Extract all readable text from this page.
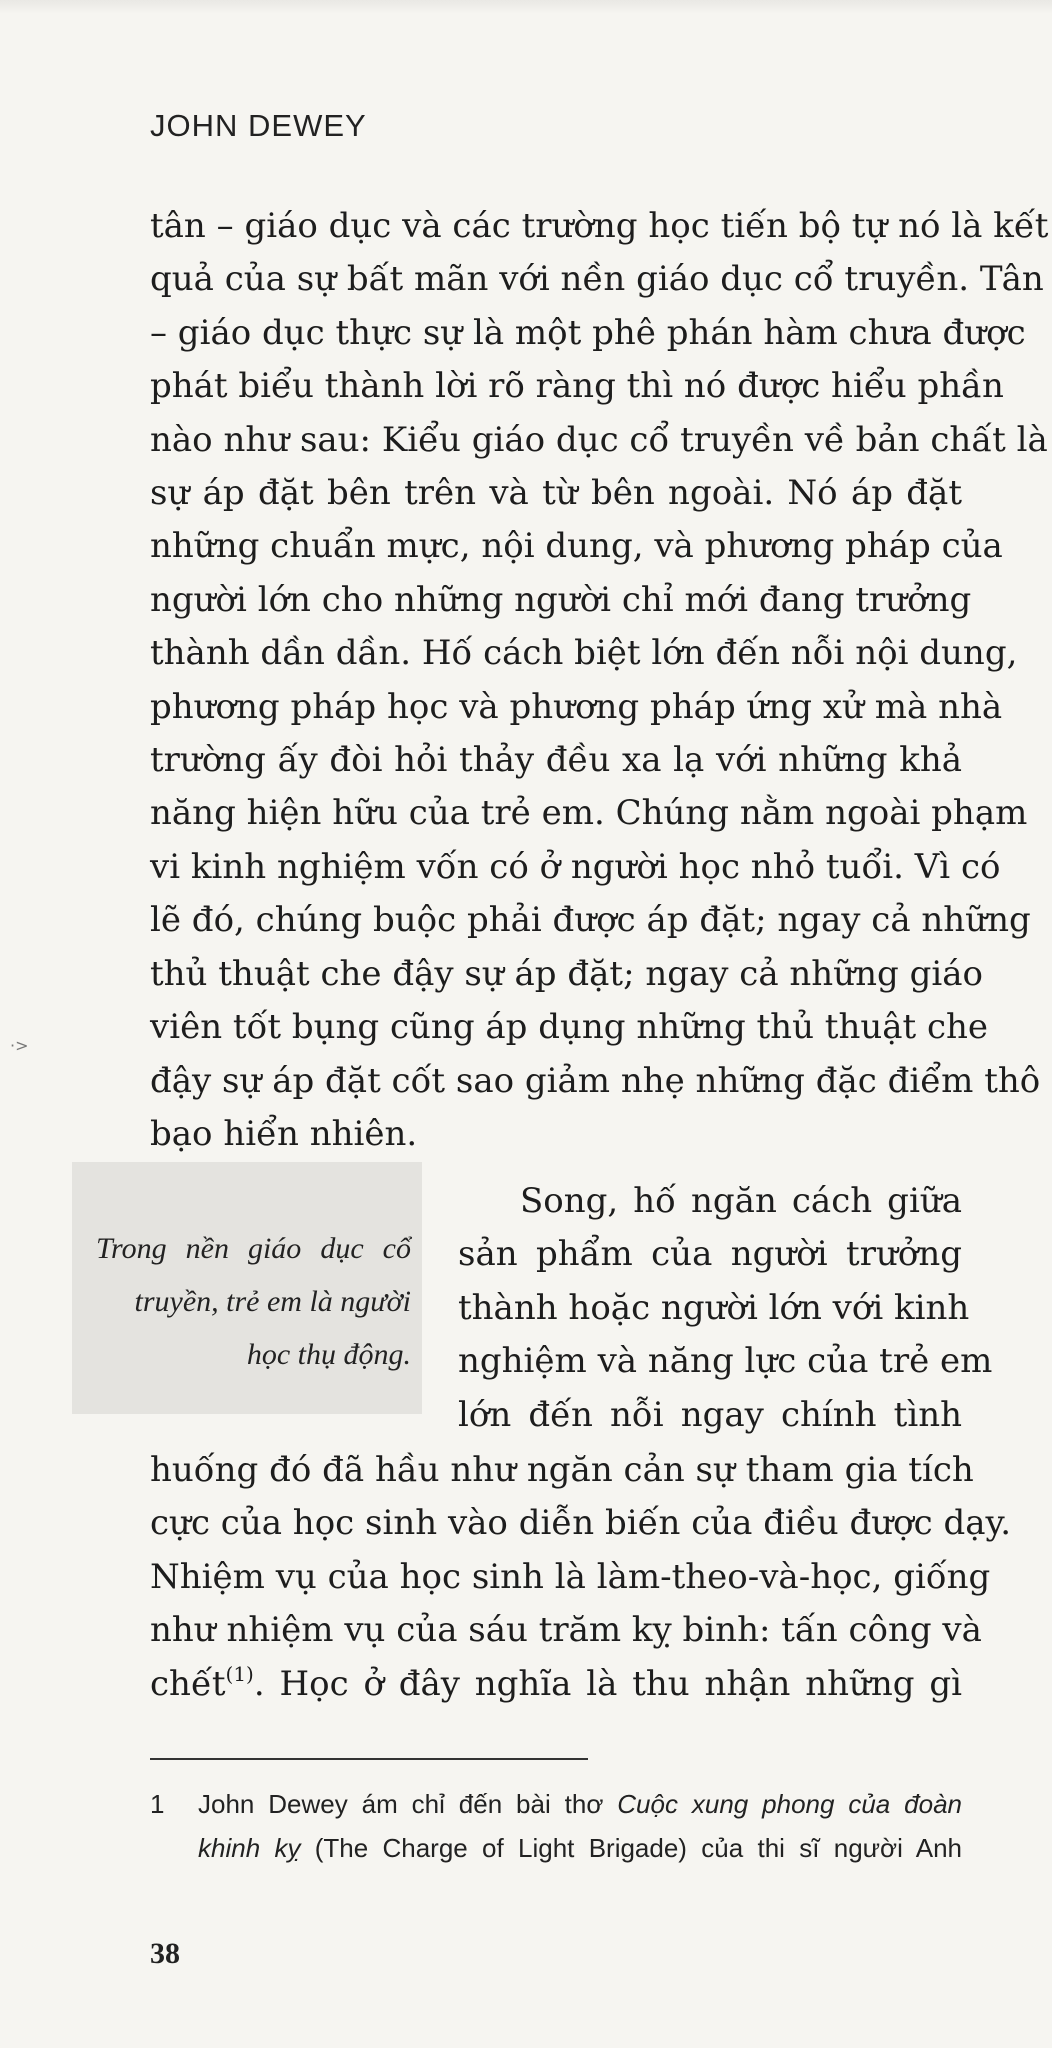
JOHN DEWEY
·>
tân – giáo dục và các trường học tiến bộ tự nó là kết
quả của sự bất mãn với nền giáo dục cổ truyền. Tân
– giáo dục thực sự là một phê phán hàm chưa được
phát biểu thành lời rõ ràng thì nó được hiểu phần
nào như sau: Kiểu giáo dục cổ truyền về bản chất là
sự áp đặt bên trên và từ bên ngoài. Nó áp đặt
những chuẩn mực, nội dung, và phương pháp của
người lớn cho những người chỉ mới đang trưởng
thành dần dần. Hố cách biệt lớn đến nỗi nội dung,
phương pháp học và phương pháp ứng xử mà nhà
trường ấy đòi hỏi thảy đều xa lạ với những khả
năng hiện hữu của trẻ em. Chúng nằm ngoài phạm
vi kinh nghiệm vốn có ở người học nhỏ tuổi. Vì có
lẽ đó, chúng buộc phải được áp đặt; ngay cả những
thủ thuật che đậy sự áp đặt; ngay cả những giáo
viên tốt bụng cũng áp dụng những thủ thuật che
đậy sự áp đặt cốt sao giảm nhẹ những đặc điểm thô
bạo hiển nhiên.
Trong nền giáo dục cổ
truyền, trẻ em là người
học thụ động.
Song, hố ngăn cách giữa
sản phẩm của người trưởng
thành hoặc người lớn với kinh
nghiệm và năng lực của trẻ em
lớn đến nỗi ngay chính tình
huống đó đã hầu như ngăn cản sự tham gia tích
cực của học sinh vào diễn biến của điều được dạy.
Nhiệm vụ của học sinh là làm-theo-và-học, giống
như nhiệm vụ của sáu trăm kỵ binh: tấn công và
chết$^{(1)}$. Học ở đây nghĩa là thu nhận những gì
1 John Dewey ám chỉ đến bài thơ Cuộc xung phong của đoàn
khinh kỵ (The Charge of Light Brigade) của thi sĩ người Anh
38
